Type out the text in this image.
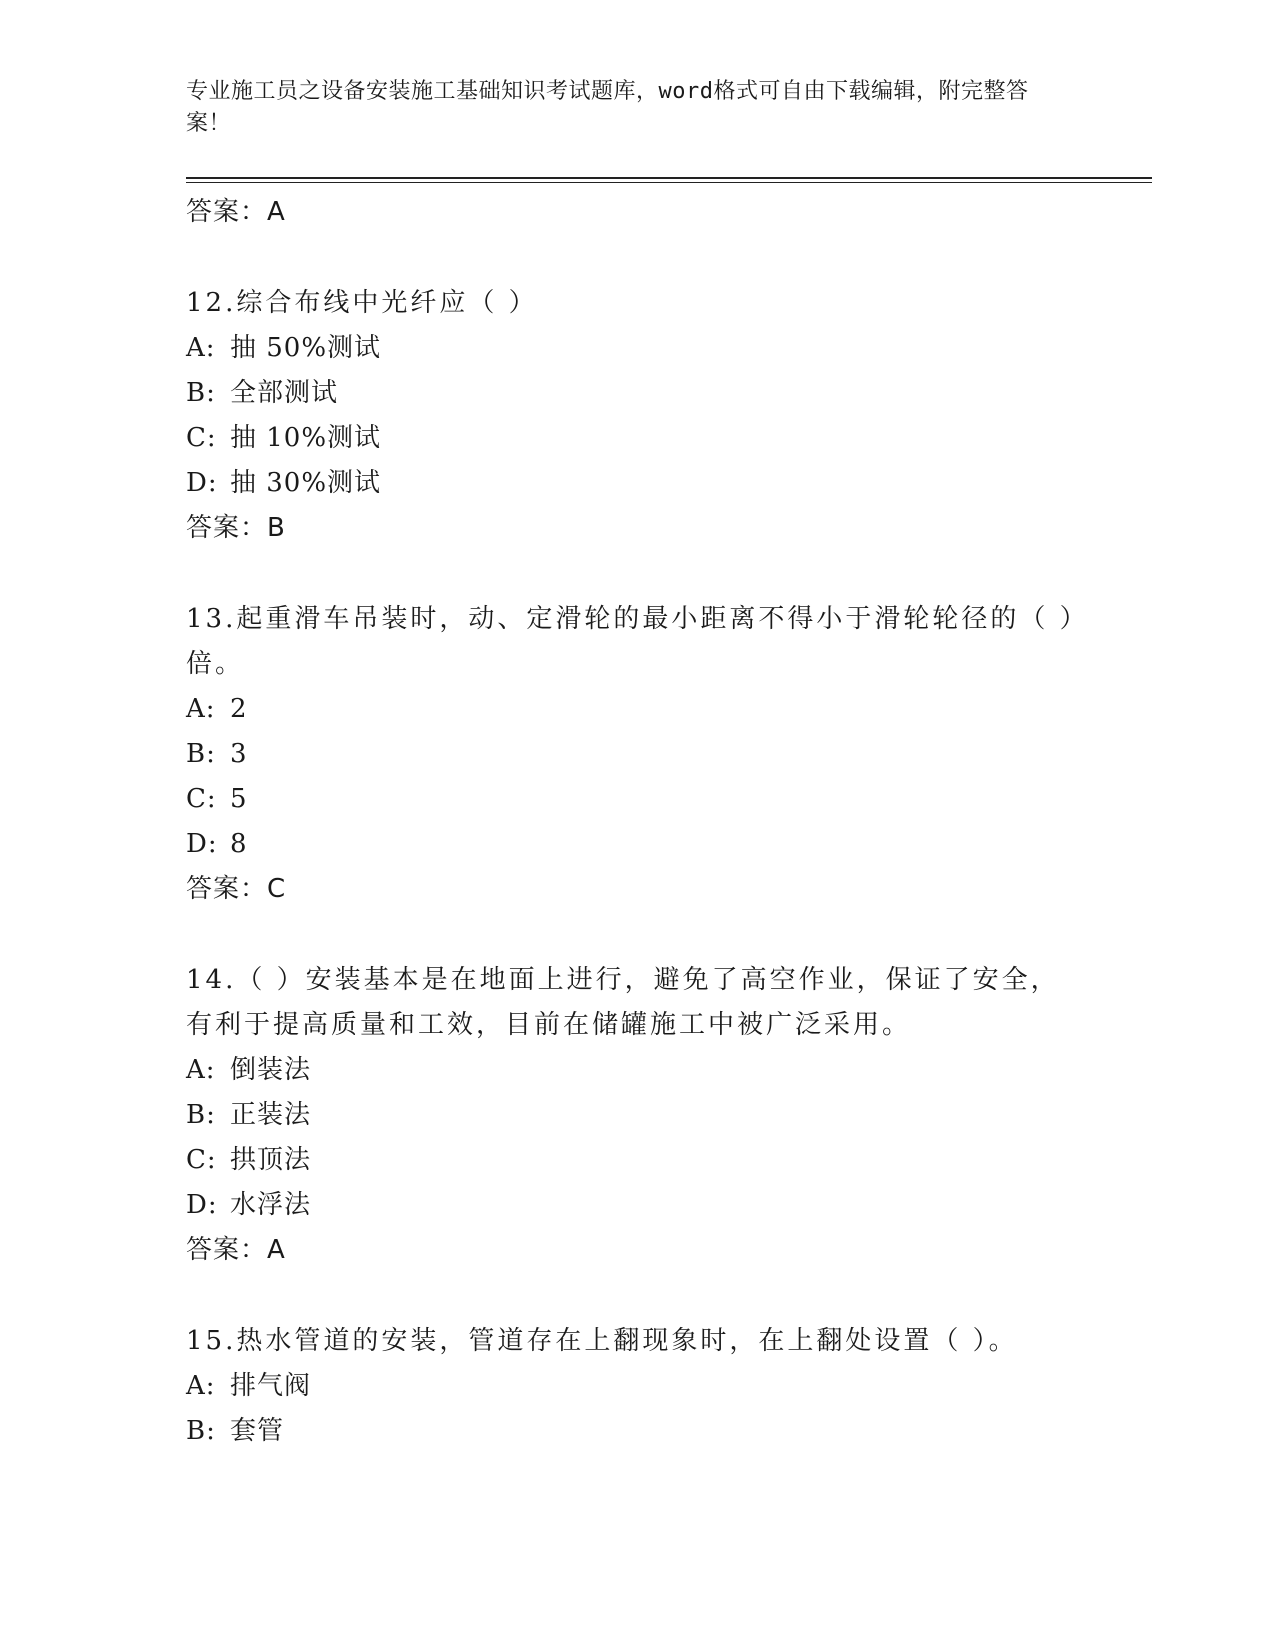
专业施工员之设备安装施工基础知识考试题库，word格式可自由下载编辑，附完整答案！

答案：A

12.综合布线中光纤应（ ）

A: 抽 50%测试

B: 全部测试

C: 抽 10%测试

D: 抽 30%测试

答案：B

13.起重滑车吊装时，动、定滑轮的最小距离不得小于滑轮轮径的（ ）倍。

A: 2

B: 3

C: 5

D: 8

答案：C

14.（ ）安装基本是在地面上进行，避免了高空作业，保证了安全，有利于提高质量和工效，目前在储罐施工中被广泛采用。

A: 倒装法

B: 正装法

C: 拱顶法

D: 水浮法

答案：A

15.热水管道的安装，管道存在上翻现象时，在上翻处设置（ ）。

A: 排气阀

B: 套管
